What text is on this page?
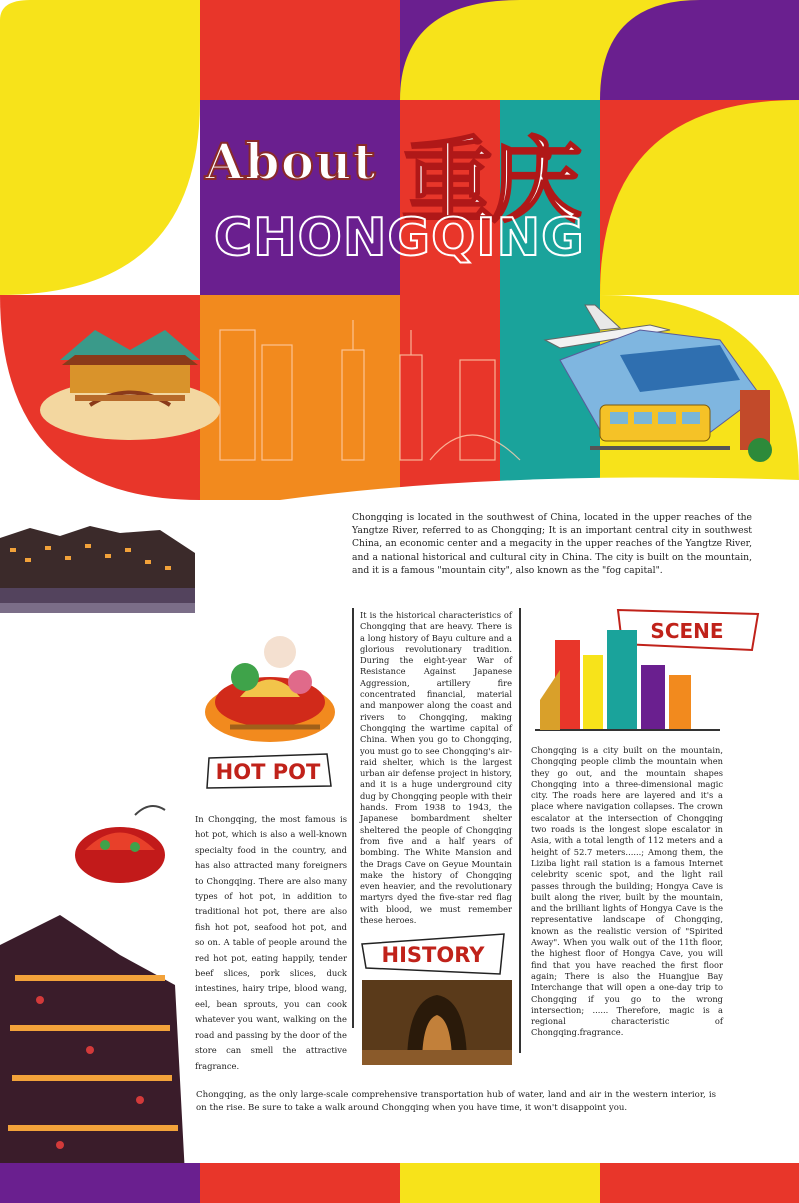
About 重庆
CHONGQING
HOT POT
Chongqing is located in the southwest of China, located in the upper reaches of the Yangtze River, referred to as Chongqing; It is an important central city in southwest China, an economic center and a megacity in the upper reaches of the Yangtze River, and a national historical and cultural city in China. The city is built on the mountain, and it is a famous "mountain city", also known as the "fog capital".
In Chongqing, the most famous is hot pot, which is also a well-known specialty food in the country, and has also attracted many foreigners to Chongqing. There are also many types of hot pot, in addition to traditional hot pot, there are also fish hot pot, seafood hot pot, and so on. A table of people around the red hot pot, eating happily, tender beef slices, pork slices, duck intestines, hairy tripe, blood wang, eel, bean sprouts, you can cook whatever you want, walking on the road and passing by the door of the store can smell the attractive fragrance.
It is the historical characteristics of Chongqing that are heavy. There is a long history of Bayu culture and a glorious revolutionary tradition. During the eight-year War of Resistance Against Japanese Aggression, artillery fire concentrated financial, material and manpower along the coast and rivers to Chongqing, making Chongqing the wartime capital of China. When you go to Chongqing, you must go to see Chongqing's air-raid shelter, which is the largest urban air defense project in history, and it is a huge underground city dug by Chongqing people with their hands. From 1938 to 1943, the Japanese bombardment shelter sheltered the people of Chongqing from five and a half years of bombing. The White Mansion and the Drags Cave on Geyue Mountain make the history of Chongqing even heavier, and the revolutionary martyrs dyed the five-star red flag with blood, we must remember these heroes.
HISTORY
SCENE
Chongqing is a city built on the mountain, Chongqing people climb the mountain when they go out, and the mountain shapes Chongqing into a three-dimensional magic city. The roads here are layered and it's a place where navigation collapses. The crown escalator at the intersection of Chongqing two roads is the longest slope escalator in Asia, with a total length of 112 meters and a height of 52.7 meters......; Among them, the Liziba light rail station is a famous Internet celebrity scenic spot, and the light rail passes through the building; Hongya Cave is built along the river, built by the mountain, and the brilliant lights of Hongya Cave is the representative landscape of Chongqing, known as the realistic version of "Spirited Away". When you walk out of the 11th floor, the highest floor of Hongya Cave, you will find that you have reached the first floor again; There is also the Huangjue Bay Interchange that will open a one-day trip to Chongqing if you go to the wrong intersection; ...... Therefore, magic is a regional characteristic of Chongqing.fragrance.
Chongqing, as the only large-scale comprehensive transportation hub of water, land and air in the western interior, is on the rise. Be sure to take a walk around Chongqing when you have time, it won't disappoint you.
